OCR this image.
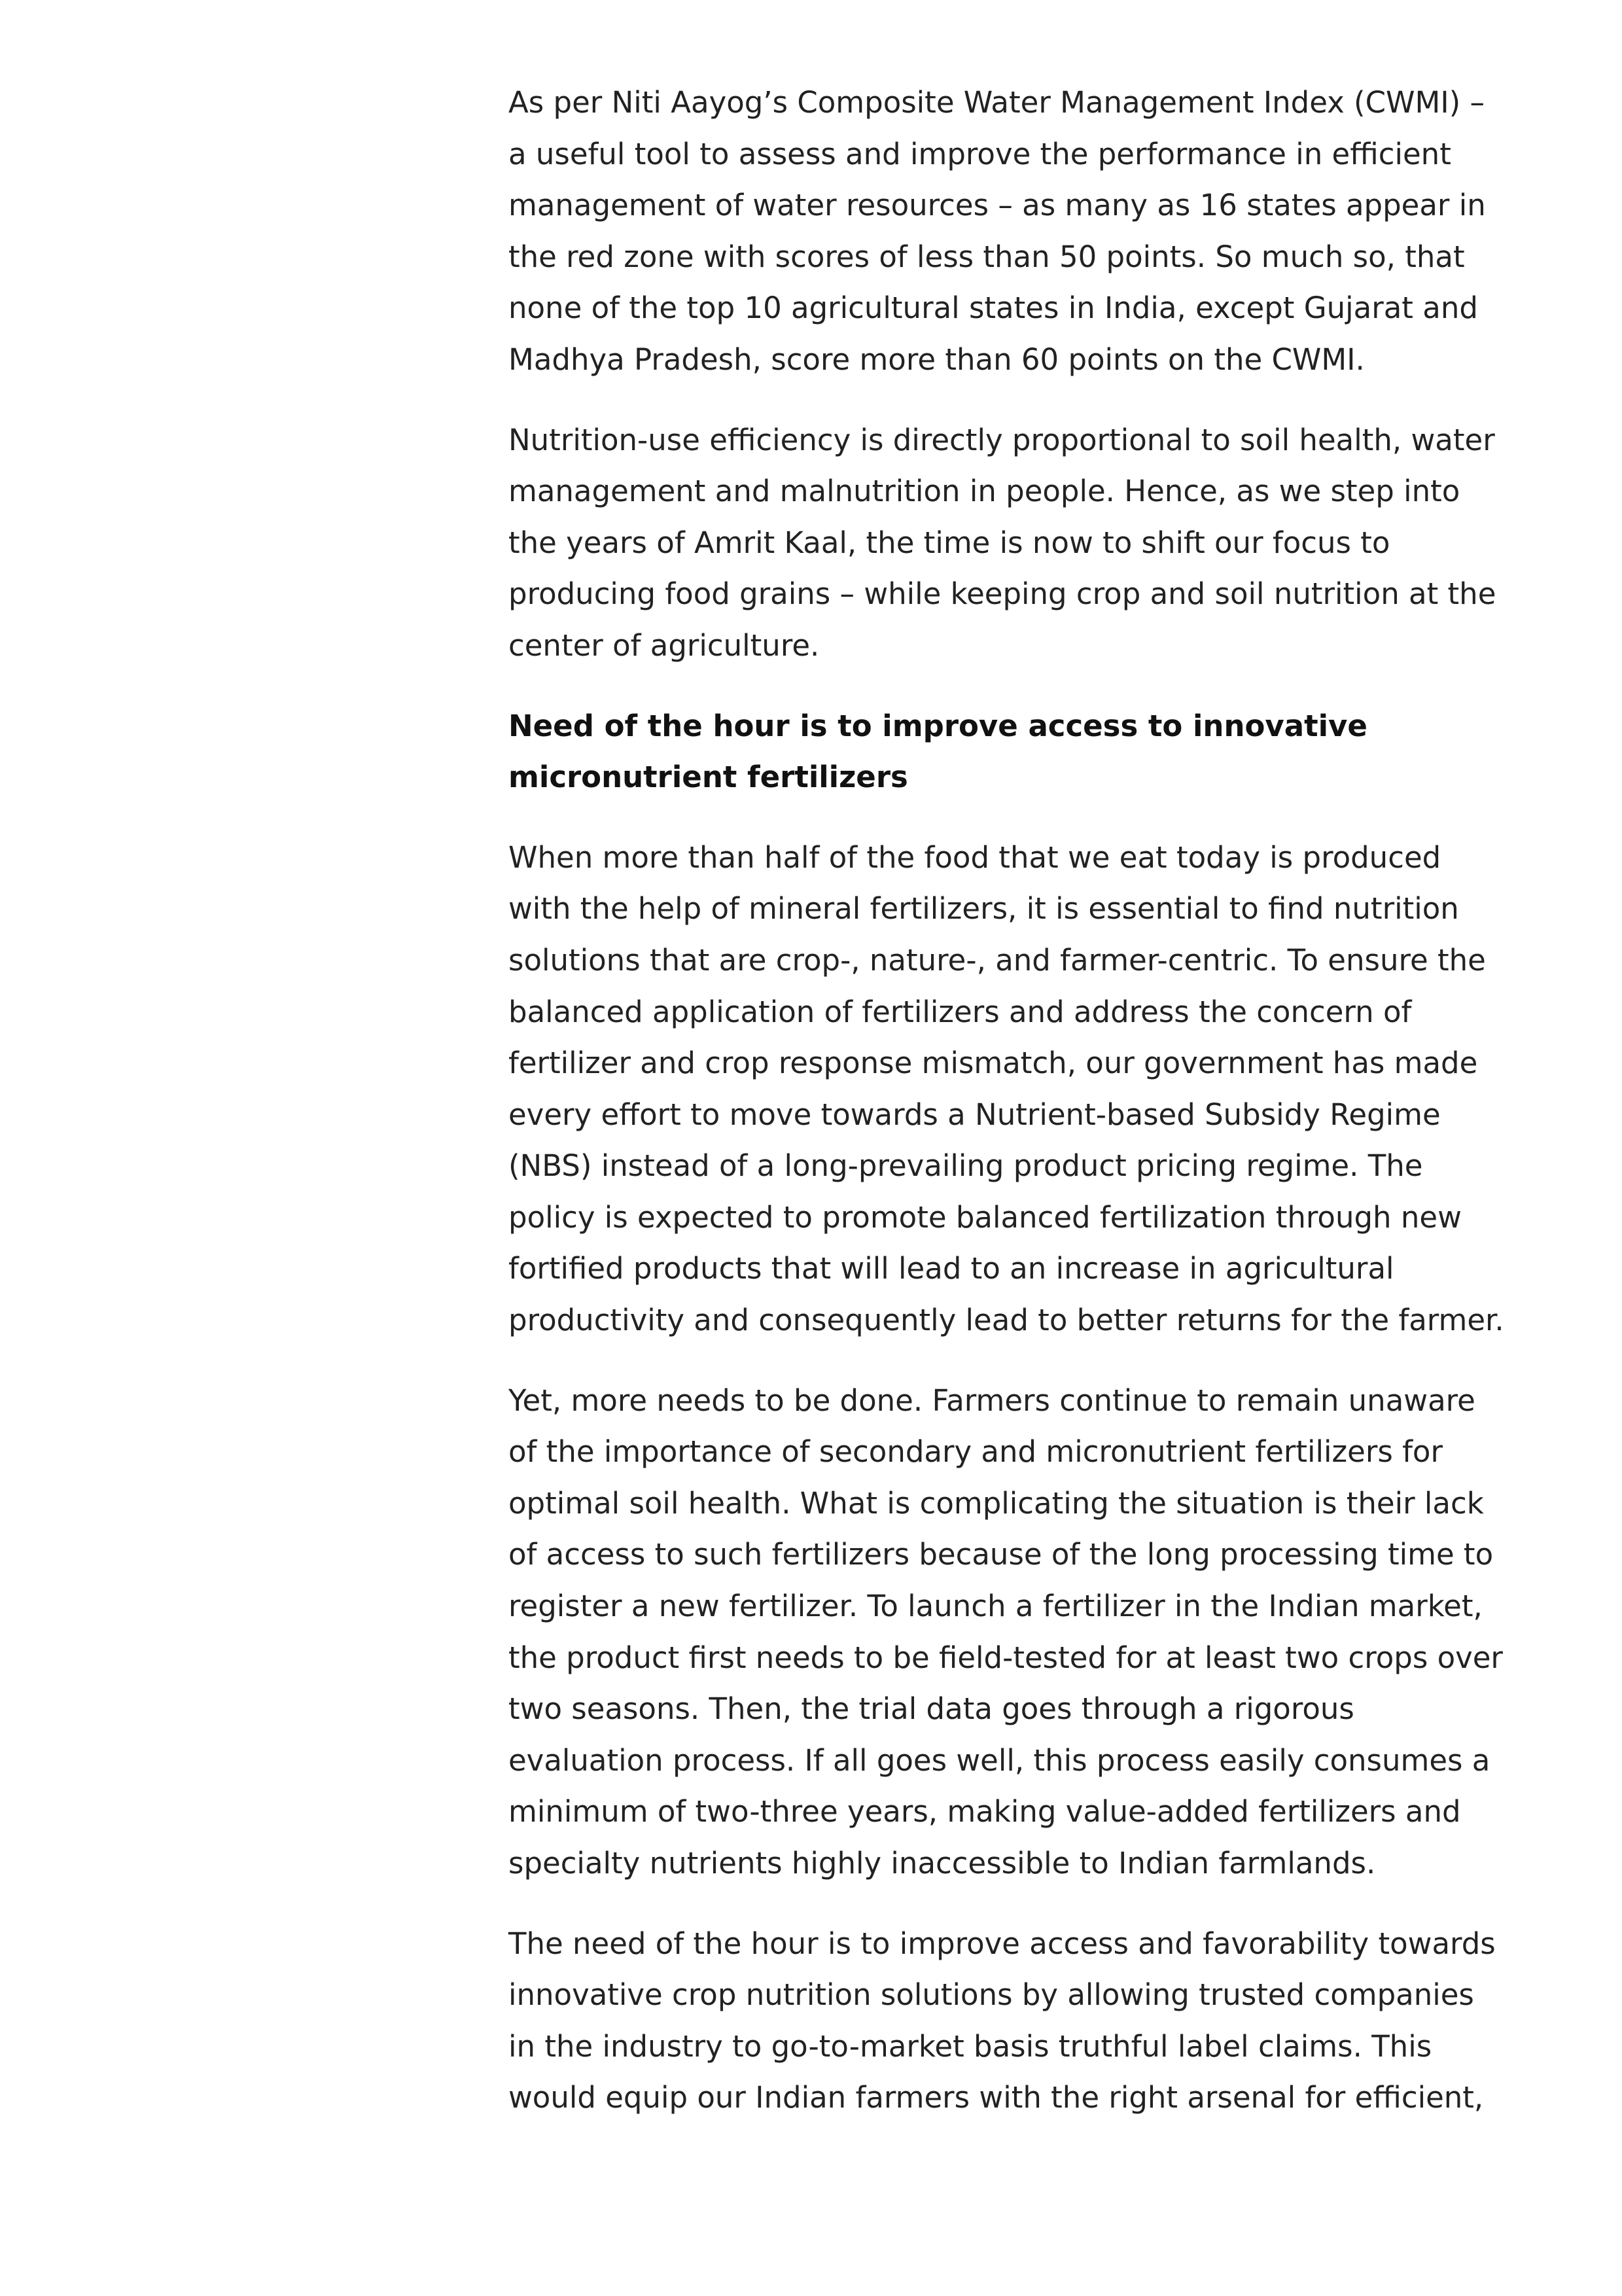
As per Niti Aayog’s Composite Water Management Index (CWMI) –
a useful tool to assess and improve the performance in efficient
management of water resources – as many as 16 states appear in
the red zone with scores of less than 50 points. So much so, that
none of the top 10 agricultural states in India, except Gujarat and
Madhya Pradesh, score more than 60 points on the CWMI.

Nutrition-use efficiency is directly proportional to soil health, water
management and malnutrition in people. Hence, as we step into
the years of Amrit Kaal, the time is now to shift our focus to
producing food grains – while keeping crop and soil nutrition at the
center of agriculture.

Need of the hour is to improve access to innovative
micronutrient fertilizers

When more than half of the food that we eat today is produced
with the help of mineral fertilizers, it is essential to find nutrition
solutions that are crop-, nature-, and farmer-centric. To ensure the
balanced application of fertilizers and address the concern of
fertilizer and crop response mismatch, our government has made
every effort to move towards a Nutrient-based Subsidy Regime
(NBS) instead of a long-prevailing product pricing regime. The
policy is expected to promote balanced fertilization through new
fortified products that will lead to an increase in agricultural
productivity and consequently lead to better returns for the farmer.

Yet, more needs to be done. Farmers continue to remain unaware
of the importance of secondary and micronutrient fertilizers for
optimal soil health. What is complicating the situation is their lack
of access to such fertilizers because of the long processing time to
register a new fertilizer. To launch a fertilizer in the Indian market,
the product first needs to be field-tested for at least two crops over
two seasons. Then, the trial data goes through a rigorous
evaluation process. If all goes well, this process easily consumes a
minimum of two-three years, making value-added fertilizers and
specialty nutrients highly inaccessible to Indian farmlands.

The need of the hour is to improve access and favorability towards
innovative crop nutrition solutions by allowing trusted companies
in the industry to go-to-market basis truthful label claims. This
would equip our Indian farmers with the right arsenal for efficient,
